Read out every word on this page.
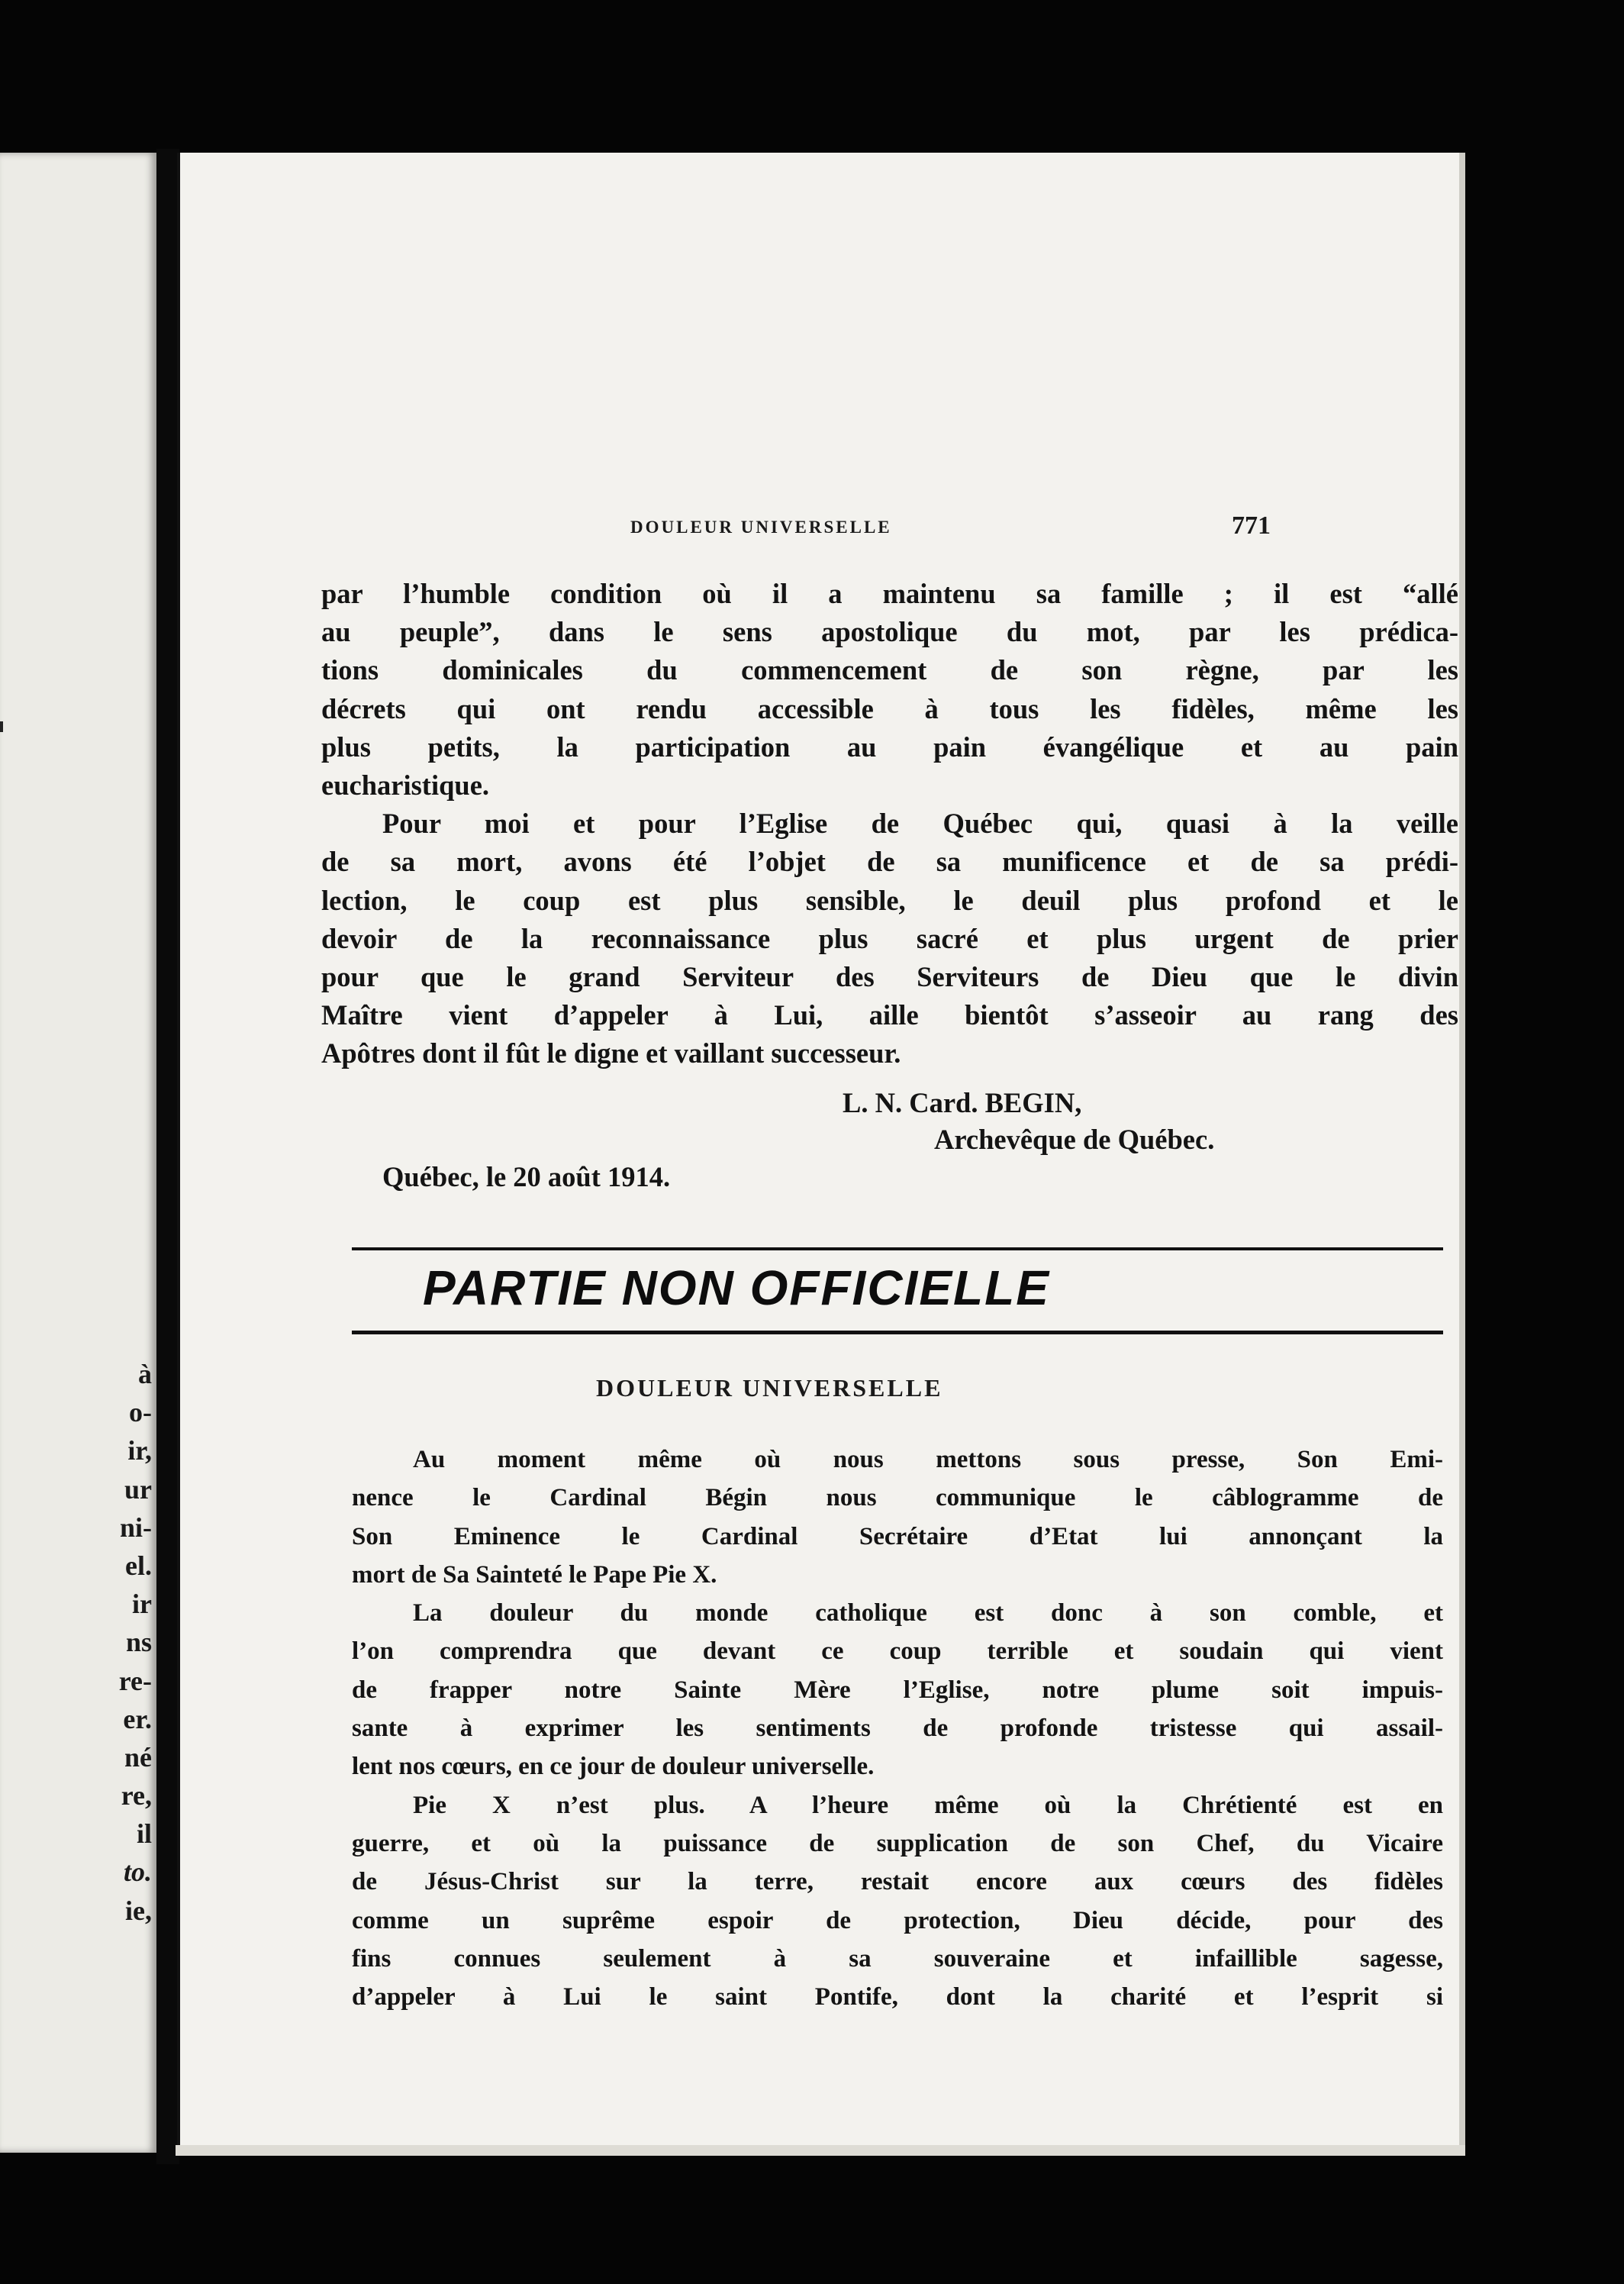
à
o-
ir,
ur
ni-
el.
ir
ns
re-
er.
né
re,
il
to.
ie,
DOULEUR UNIVERSELLE	771
par l’humble condition où il a maintenu sa famille ; il est “allé
au peuple”, dans le sens apostolique du mot, par les prédica-
tions dominicales du commencement de son règne, par les
décrets qui ont rendu accessible à tous les fidèles, même les
plus petits, la participation au pain évangélique et au pain
eucharistique.
Pour moi et pour l’Eglise de Québec qui, quasi à la veille
de sa mort, avons été l’objet de sa munificence et de sa prédi-
lection, le coup est plus sensible, le deuil plus profond et le
devoir de la reconnaissance plus sacré et plus urgent de prier
pour que le grand Serviteur des Serviteurs de Dieu que le divin
Maître vient d’appeler à Lui, aille bientôt s’asseoir au rang des
Apôtres dont il fût le digne et vaillant successeur.
L. N. Card. BEGIN,
Archevêque de Québec.
Québec, le 20 août 1914.
PARTIE NON OFFICIELLE
DOULEUR UNIVERSELLE
Au moment même où nous mettons sous presse, Son Emi-
nence le Cardinal Bégin nous communique le câblogramme de
Son Eminence le Cardinal Secrétaire d’Etat lui annonçant la
mort de Sa Sainteté le Pape Pie X.
La douleur du monde catholique est donc à son comble, et
l’on comprendra que devant ce coup terrible et soudain qui vient
de frapper notre Sainte Mère l’Eglise, notre plume soit impuis-
sante à exprimer les sentiments de profonde tristesse qui assail-
lent nos cœurs, en ce jour de douleur universelle.
Pie X n’est plus. A l’heure même où la Chrétienté est en
guerre, et où la puissance de supplication de son Chef, du Vicaire
de Jésus-Christ sur la terre, restait encore aux cœurs des fidèles
comme un suprême espoir de protection, Dieu décide, pour des
fins connues seulement à sa souveraine et infaillible sagesse,
d’appeler à Lui le saint Pontife, dont la charité et l’esprit si
